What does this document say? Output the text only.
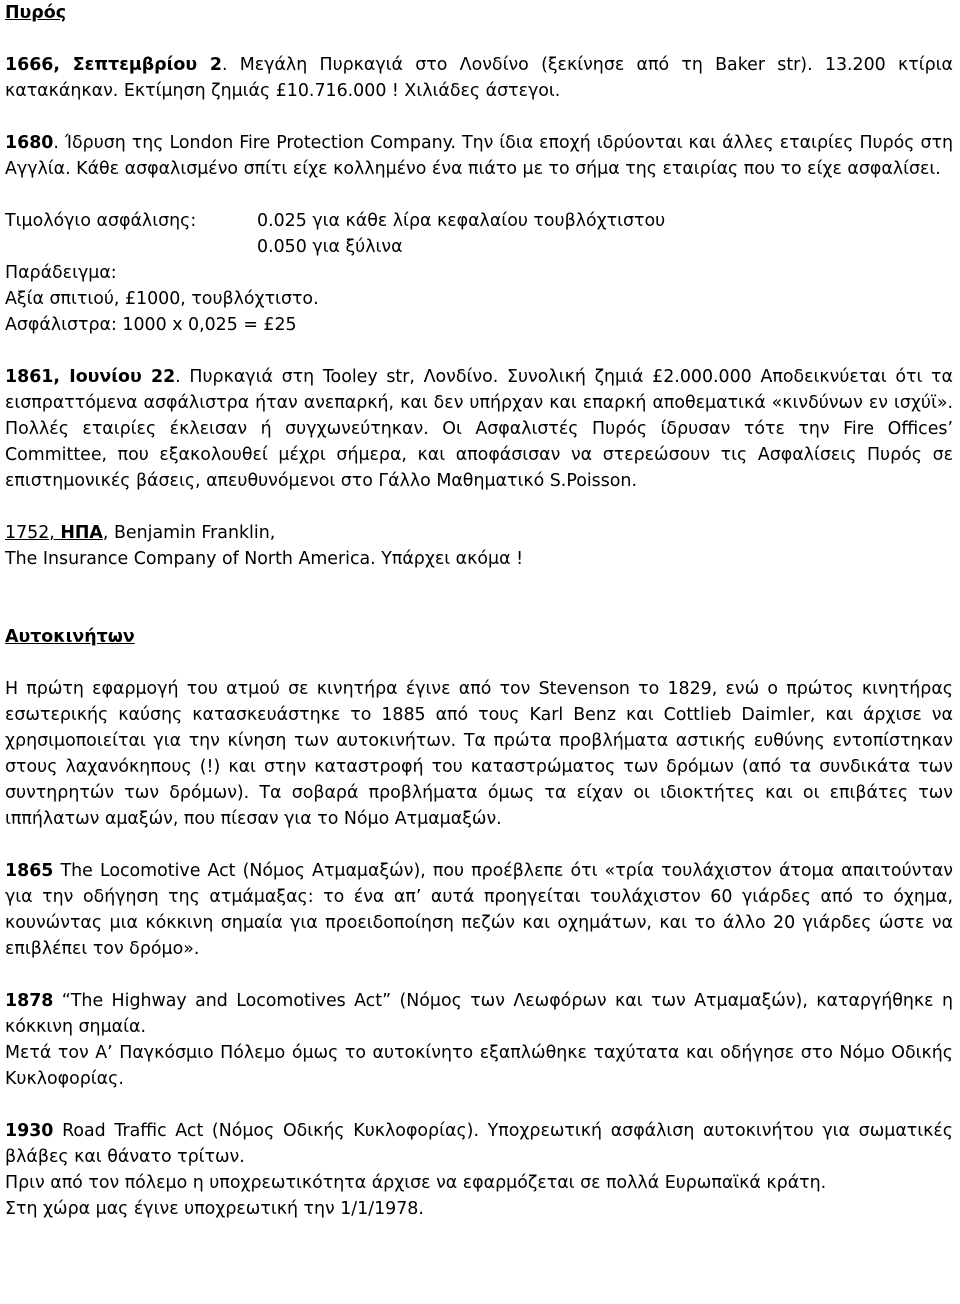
Πυρός

1666, Σεπτεμβρίου 2. Μεγάλη Πυρκαγιά στο Λονδίνο (ξεκίνησε από τη Baker str). 13.200 κτίρια κατακάηκαν. Εκτίμηση ζημιάς £10.716.000 ! Χιλιάδες άστεγοι.

1680. Ίδρυση της London Fire Protection Company. Την ίδια εποχή ιδρύονται και άλλες εταιρίες Πυρός στη Αγγλία. Κάθε ασφαλισμένο σπίτι είχε κολλημένο ένα πιάτο με το σήμα της εταιρίας που το είχε ασφαλίσει.

Τιμολόγιο ασφάλισης:	0.025 για κάθε λίρα κεφαλαίου τουβλόχτιστου
0.050 για ξύλινα
Παράδειγμα:
Αξία σπιτιού, £1000, τουβλόχτιστο.
Ασφάλιστρα: 1000 x 0,025 = £25

1861, Ιουνίου 22. Πυρκαγιά στη Tooley str, Λονδίνο. Συνολική ζημιά £2.000.000 Αποδεικνύεται ότι τα εισπραττόμενα ασφάλιστρα ήταν ανεπαρκή, και δεν υπήρχαν και επαρκή αποθεματικά «κινδύνων εν ισχύϊ». Πολλές εταιρίες έκλεισαν ή συγχωνεύτηκαν. Οι Ασφαλιστές Πυρός ίδρυσαν τότε την Fire Offices’ Committee, που εξακολουθεί μέχρι σήμερα, και αποφάσισαν να στερεώσουν τις Ασφαλίσεις Πυρός σε επιστημονικές βάσεις, απευθυνόμενοι στο Γάλλο Μαθηματικό S.Poisson.

1752, ΗΠΑ, Benjamin Franklin,
The Insurance Company of North America. Υπάρχει ακόμα !
Αυτοκινήτων

Η πρώτη εφαρμογή του ατμού σε κινητήρα έγινε από τον Stevenson το 1829, ενώ ο πρώτος κινητήρας εσωτερικής καύσης κατασκευάστηκε το 1885 από τους Karl Benz και Cottlieb Daimler, και άρχισε να χρησιμοποιείται για την κίνηση των αυτοκινήτων. Τα πρώτα προβλήματα αστικής ευθύνης εντοπίστηκαν στους λαχανόκηπους (!) και στην καταστροφή του καταστρώματος των δρόμων (από τα συνδικάτα των συντηρητών των δρόμων). Τα σοβαρά προβλήματα όμως τα είχαν οι ιδιοκτήτες και οι επιβάτες των ιππήλατων αμαξών, που πίεσαν για το Νόμο Ατμαμαξών.

1865 The Locomotive Act (Νόμος Ατμαμαξών), που προέβλεπε ότι «τρία τουλάχιστον άτομα απαιτούνταν για την οδήγηση της ατμάμαξας: το ένα απ’ αυτά προηγείται τουλάχιστον 60 γιάρδες από το όχημα, κουνώντας μια κόκκινη σημαία για προειδοποίηση πεζών και οχημάτων, και το άλλο 20 γιάρδες ώστε να επιβλέπει τον δρόμο».

1878 “The Highway and Locomotives Act” (Νόμος των Λεωφόρων και των Ατμαμαξών), καταργήθηκε η κόκκινη σημαία.

Μετά τον Α’ Παγκόσμιο Πόλεμο όμως το αυτοκίνητο εξαπλώθηκε ταχύτατα και οδήγησε στο Νόμο Οδικής Κυκλοφορίας.

1930 Road Traffic Act (Νόμος Οδικής Κυκλοφορίας). Υποχρεωτική ασφάλιση αυτοκινήτου για σωματικές βλάβες και θάνατο τρίτων.

Πριν από τον πόλεμο η υποχρεωτικότητα άρχισε να εφαρμόζεται σε πολλά Ευρωπαϊκά κράτη.

Στη χώρα μας έγινε υποχρεωτική την 1/1/1978.
